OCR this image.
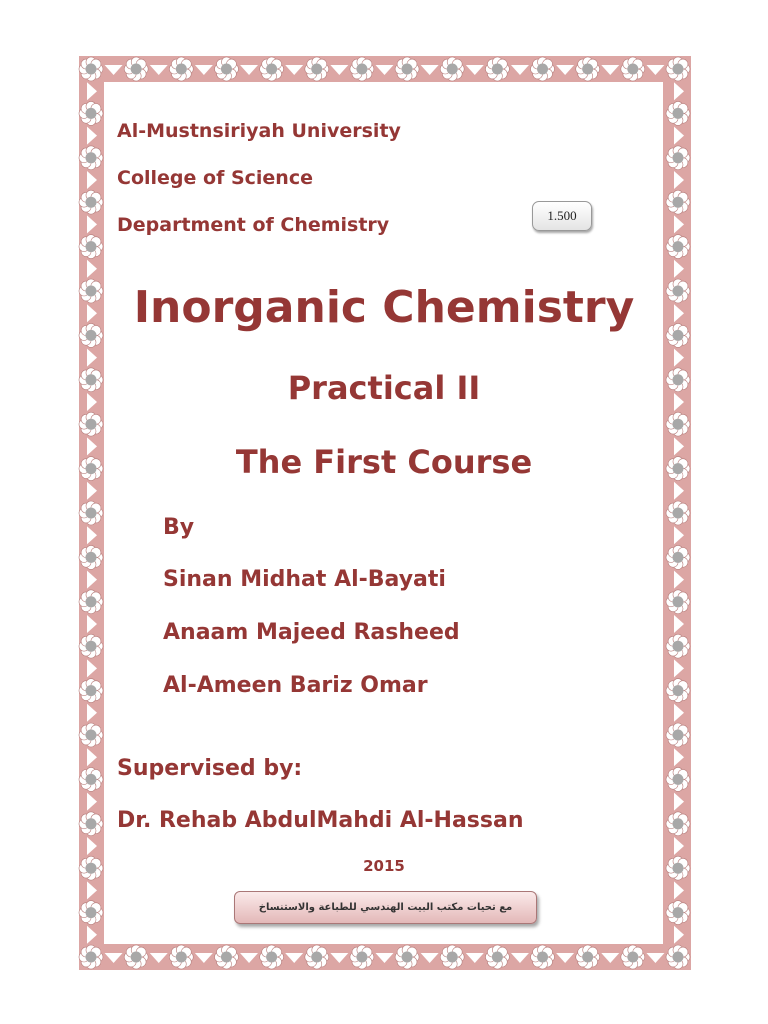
Al-Mustnsiriyah University

College of Science

Department of Chemistry	1.500
Inorganic Chemistry

Practical II

The First Course

By

Sinan Midhat Al-Bayati

Anaam Majeed Rasheed

Al-Ameen Bariz Omar

Supervised by:

Dr. Rehab AbdulMahdi Al-Hassan

2015

مع تحيات مكتب البيت الهندسي للطباعة والاستنساخ
